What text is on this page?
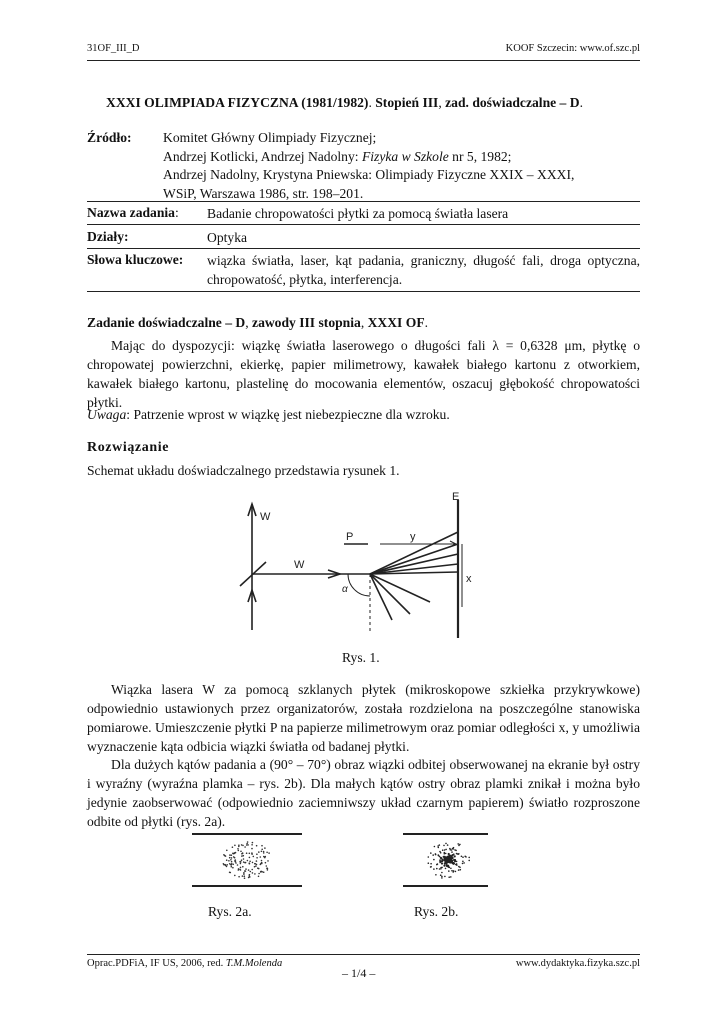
31OF_III_D	KOOF Szczecin: www.of.szc.pl
XXXI OLIMPIADA FIZYCZNA (1981/1982). Stopień III, zad. doświadczalne – D.
Źródło: Komitet Główny Olimpiady Fizycznej;
Andrzej Kotlicki, Andrzej Nadolny: Fizyka w Szkole nr 5, 1982;
Andrzej Nadolny, Krystyna Pniewska: Olimpiady Fizyczne XXIX – XXXI,
WSiP, Warszawa 1986, str. 198–201.
Nazwa zadania: Badanie chropowatości płytki za pomocą światła lasera
Działy:	Optyka
Słowa kluczowe: wiązka światła, laser, kąt padania, graniczny, długość fali, droga optyczna, chropowatość, płytka, interferencja.
Zadanie doświadczalne – D, zawody III stopnia, XXXI OF.

Mając do dyspozycji: wiązkę światła laserowego o długości fali λ = 0,6328 μm, płytkę o chropowatej powierzchni, ekierkę, papier milimetrowy, kawałek białego kartonu z otworkiem, kawałek białego kartonu, plastelinę do mocowania elementów, oszacuj głębokość chropowatości płytki.

Uwaga: Patrzenie wprost w wiązkę jest niebezpieczne dla wzroku.
Rozwiązanie
Schemat układu doświadczalnego przedstawia rysunek 1.
W
W
P	y
E
x
α
Rys. 1.

Wiązka lasera W za pomocą szklanych płytek (mikroskopowe szkiełka przykrywkowe) odpowiednio ustawionych przez organizatorów, została rozdzielona na poszczególne stanowiska pomiarowe. Umieszczenie płytki P na papierze milimetrowym oraz pomiar odległości x, y umożliwia wyznaczenie kąta odbicia wiązki światła od badanej płytki.

Dla dużych kątów padania a (90° – 70°) obraz wiązki odbitej obserwowanej na ekranie był ostry i wyraźny (wyraźna plamka – rys. 2b). Dla małych kątów ostry obraz plamki znikał i można było jedynie zaobserwować (odpowiednio zaciemniwszy układ czarnym papierem) światło rozproszone odbite od płytki (rys. 2a).

Rys. 2a.	Rys. 2b.
Oprac.PDFiA, IF US, 2006, red. T.M.Molenda
– 1/4 –
www.dydaktyka.fizyka.szc.pl
